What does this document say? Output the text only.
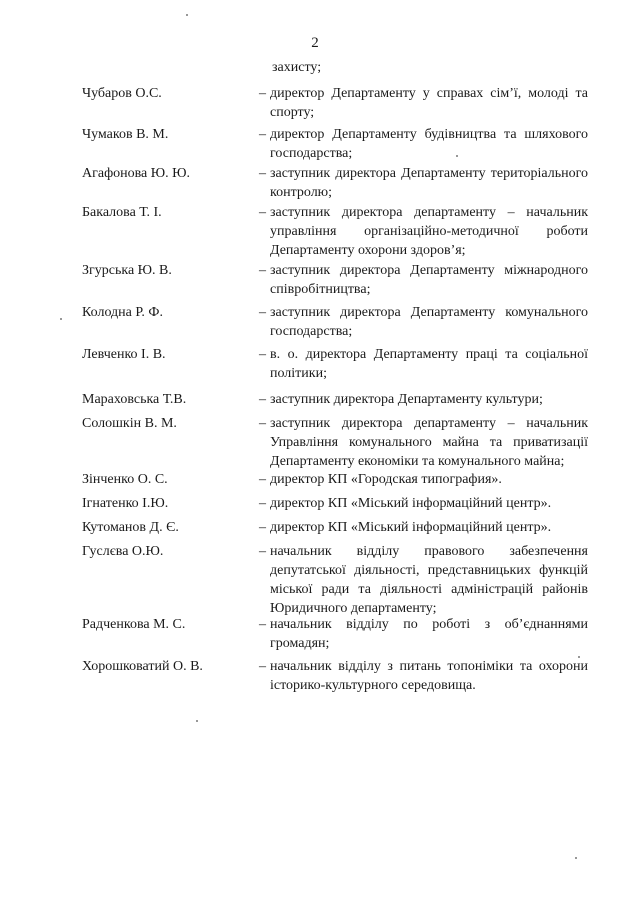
2
захисту;
Чубаров О.С.	– директор Департаменту у справах сім’ї, молоді та спорту;
Чумаков В. М.	– директор Департаменту будівництва та шляхового господарства;
Агафонова Ю. Ю.	– заступник директора Департаменту територіального контролю;
Бакалова Т. І.	– заступник директора департаменту – начальник управління організаційно-методичної роботи Департаменту охорони здоров’я;
Згурська Ю. В.	– заступник директора Департаменту міжнародного співробітництва;
Колодна Р. Ф.	– заступник директора Департаменту комунального господарства;
Левченко І. В.	– в. о. директора Департаменту праці та соціальної політики;
Мараховська Т.В.	– заступник директора Департаменту культури;
Солошкін В. М.	– заступник директора департаменту – начальник Управління комунального майна та приватизації Департаменту економіки та комунального майна;
Зінченко О. С.	– директор КП «Городская типография».
Ігнатенко І.Ю.	– директор КП «Міський інформаційний центр».
Кутоманов Д. Є.	– директор КП «Міський інформаційний центр».
Гуслєва О.Ю.	– начальник відділу правового забезпечення депутатської діяльності, представницьких функцій міської ради та діяльності адміністрацій районів Юридичного департаменту;
Радченкова М. С.	– начальник відділу по роботі з об’єднаннями громадян;
Хорошковатий О. В.	– начальник відділу з питань топоніміки та охорони історико-культурного середовища.
